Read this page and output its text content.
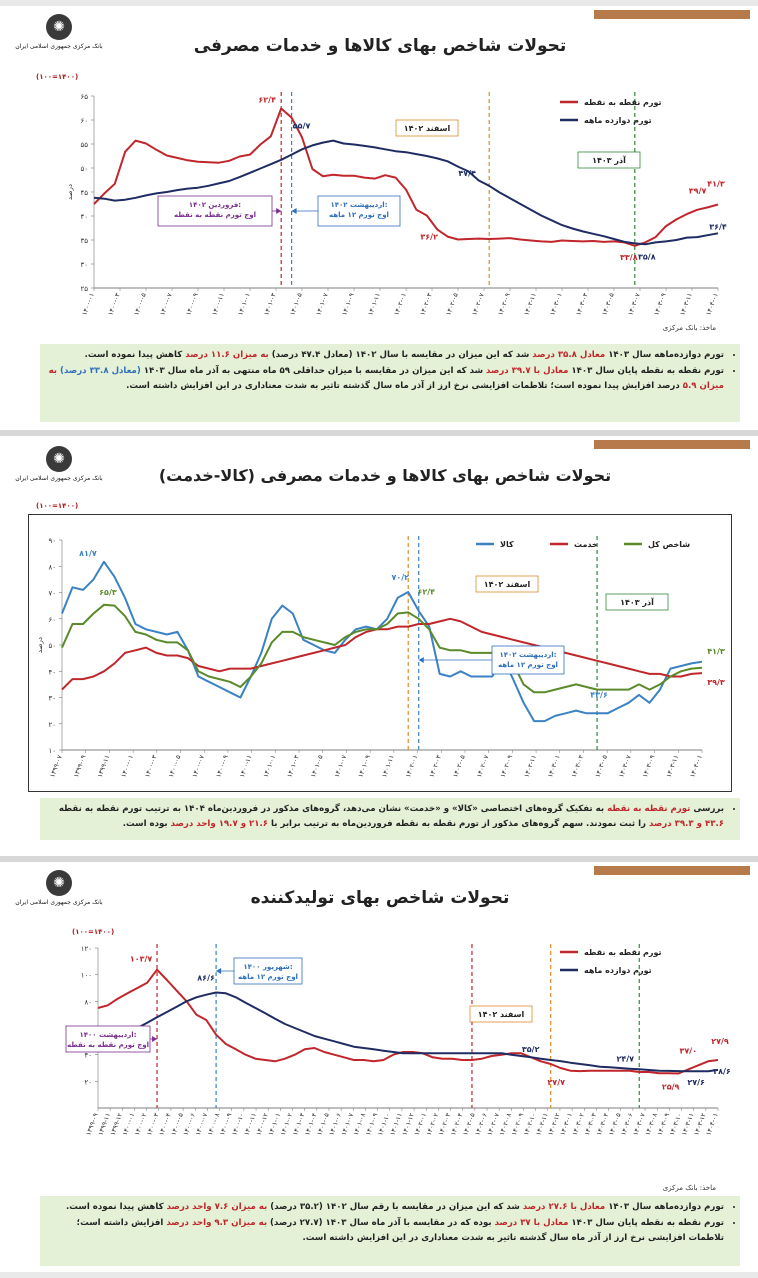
✺
بانک مرکزی جمهوری اسلامی ایران	تحولات شاخص بهای کالاها و خدمات مصرفی
(۱۰۰=۱۴۰۰)
۲۵
۳۰
۳۵
۴۰
۴۵
۵۰
۵۵
۶۰
۶۵
درصد
۱۴۰۰-۰۱ ۱۴۰۰-۰۳ ۱۴۰۰-۰۵ ۱۴۰۰-۰۷ ۱۴۰۰-۰۹ ۱۴۰۰-۱۱ ۱۴۰۱-۰۱ ۱۴۰۱-۰۳ ۱۴۰۱-۰۵ ۱۴۰۱-۰۷ ۱۴۰۱-۰۹ ۱۴۰۱-۱۱ ۱۴۰۲-۰۱ ۱۴۰۲-۰۳ ۱۴۰۲-۰۵ ۱۴۰۲-۰۷ ۱۴۰۲-۰۹ ۱۴۰۲-۱۱ ۱۴۰۳-۰۱ ۱۴۰۳-۰۳ ۱۴۰۳-۰۵ ۱۴۰۳-۰۷ ۱۴۰۳-۰۹ ۱۴۰۳-۱۱ ۱۴۰۴-۰۱
اسفند ۱۴۰۲
آذر ۱۴۰۳
تورم نقطه به نقطه
تورم دوازده ماهه
۶۲/۴
۵۵/۷
۴۷/۴
۳۶/۲
۳۳/۸ ۳۵/۸
۳۹/۷
۴۱/۳
۳۶/۴
فروردین ۱۴۰۲:
اوج تورم نقطه به نقطه
اردیبهشت ۱۴۰۲:
اوج تورم ۱۲ ماهه
ماخذ: بانک مرکزی
• تورم دوازده‌ماهه سال ۱۴۰۳ معادل ۳۵.۸ درصد شد که این میزان در مقایسه با سال ۱۴۰۲ (معادل ۴۷.۴ درصد) به میزان ۱۱.۶ درصد کاهش پیدا نموده است.
• تورم نقطه به نقطه پایان سال ۱۴۰۳ معادل با ۳۹.۷ درصد شد که این میزان در مقایسه با میزان حداقلی ۵۹ ماه منتهی به آذر ماه سال ۱۴۰۳ (معادل ۳۳.۸ درصد) به میزان ۵.۹ درصد افزایش پیدا نموده است؛ تلاطمات افزایشی نرخ ارز از آذر ماه سال گذشته تاثیر به شدت معناداری در این افزایش داشته است.
✺
بانک مرکزی جمهوری اسلامی ایران	تحولات شاخص بهای کالاها و خدمات مصرفی (کالا-خدمت)
(۱۰۰=۱۴۰۰)
۱۰
۲۰
۳۰
۴۰
۵۰
۶۰
۷۰
۸۰
۹۰
درصد
۱۳۹۹-۰۷ ۱۳۹۹-۰۹ ۱۳۹۹-۱۱ ۱۴۰۰-۰۱ ۱۴۰۰-۰۳ ۱۴۰۰-۰۵ ۱۴۰۰-۰۷ ۱۴۰۰-۰۹ ۱۴۰۰-۱۱ ۱۴۰۱-۰۱ ۱۴۰۱-۰۳ ۱۴۰۱-۰۵ ۱۴۰۱-۰۷ ۱۴۰۱-۰۹ ۱۴۰۱-۱۱ ۱۴۰۲-۰۱ ۱۴۰۲-۰۳ ۱۴۰۲-۰۵ ۱۴۰۲-۰۷ ۱۴۰۲-۰۹ ۱۴۰۲-۱۱ ۱۴۰۳-۰۱ ۱۴۰۳-۰۳ ۱۴۰۳-۰۵ ۱۴۰۳-۰۷ ۱۴۰۳-۰۹ ۱۴۰۳-۱۱ ۱۴۰۴-۰۱
اسفند ۱۴۰۲
آذر ۱۴۰۳
کالا	خدمت	شاخص کل
۸۱/۷
۶۵/۳
۷۰/۲
۶۲/۴
۴۳/۶
۴۱/۳
۳۹/۳
اردیبهشت ۱۴۰۲:
اوج تورم ۱۲ ماهه
• بررسی تورم نقطه به نقطه به تفکیک گروه‌های اختصاصی «کالا» و «خدمت» نشان می‌دهد، گروه‌های مذکور در فروردین‌ماه ۱۴۰۴ به ترتیب تورم نقطه به نقطه ۴۳.۶ و ۳۹.۳ درصد را ثبت نمودند. سهم گروه‌های مذکور از تورم نقطه به نقطه فروردین‌ماه به ترتیب برابر با ۲۱.۶ و ۱۹.۷ واحد درصد بوده است.
✺
بانک مرکزی جمهوری اسلامی ایران	تحولات شاخص بهای تولیدکننده
(۱۰۰=۱۴۰۰)
۲۰
۴۰
۸۰
۱۰۰
۱۲۰
۱۳۹۹-۰۹
۱۳۹۹-۱۱
۱۳۹۹-۱۲
۱۴۰۰-۰۱
۱۴۰۰-۰۲
۱۴۰۰-۰۳
۱۴۰۰-۰۴
۱۴۰۰-۰۵
۱۴۰۰-۰۶
۱۴۰۰-۰۷
۱۴۰۰-۰۸
۱۴۰۰-۰۹
۱۴۰۰-۱۰
۱۴۰۰-۱۱
۱۴۰۰-۱۲
۱۴۰۱-۰۱
۱۴۰۱-۰۲
۱۴۰۱-۰۳
۱۴۰۱-۰۴
۱۴۰۱-۰۵
۱۴۰۱-۰۶
۱۴۰۱-۰۷
۱۴۰۱-۰۸
۱۴۰۱-۰۹
۱۴۰۱-۱۰
۱۴۰۱-۱۱
۱۴۰۱-۱۲
۱۴۰۲-۰۱
۱۴۰۲-۰۲
۱۴۰۲-۰۳
۱۴۰۲-۰۴
۱۴۰۲-۰۵
۱۴۰۲-۰۶
۱۴۰۲-۰۷
۱۴۰۲-۰۸
۱۴۰۲-۰۹
۱۴۰۲-۱۰
۱۴۰۲-۱۱
۱۴۰۲-۱۲
۱۴۰۳-۰۱
۱۴۰۳-۰۲
۱۴۰۳-۰۳
۱۴۰۳-۰۴
۱۴۰۳-۰۵
۱۴۰۳-۰۶
۱۴۰۳-۰۷
۱۴۰۳-۰۸
۱۴۰۳-۰۹
۱۴۰۳-۱۰
۱۴۰۳-۱۱
۱۴۰۳-۱۲
۱۴۰۴-۰۱
اسفند ۱۴۰۲
تورم نقطه به نقطه
تورم دوازده ماهه
۱۰۳/۷
۸۶/۶
۳۵/۲
۲۷/۷
۲۴/۷
۲۵/۹
۳۷/۰
۲۷/۹
۲۷/۶
۲۸/۶
شهریور ۱۴۰۰:
اوج تورم ۱۲ ماهه
اردیبهشت ۱۴۰۰:
اوج تورم نقطه به نقطه
ماخذ: بانک مرکزی
• تورم دوازده‌ماهه سال ۱۴۰۳ معادل با ۲۷.۶ درصد شد که این میزان در مقایسه با رقم سال ۱۴۰۲ (۳۵.۲ درصد) به میزان ۷.۶ واحد درصد کاهش پیدا نموده است.
• تورم نقطه به نقطه پایان سال ۱۴۰۳ معادل با ۳۷ درصد بوده که در مقایسه با آذر ماه سال ۱۴۰۳ (۲۷.۷ درصد) به میزان ۹.۳ واحد درصد افزایش داشته است؛ تلاطمات افزایشی نرخ ارز از آذر ماه سال گذشته تاثیر به شدت معناداری در این افزایش داشته است.
